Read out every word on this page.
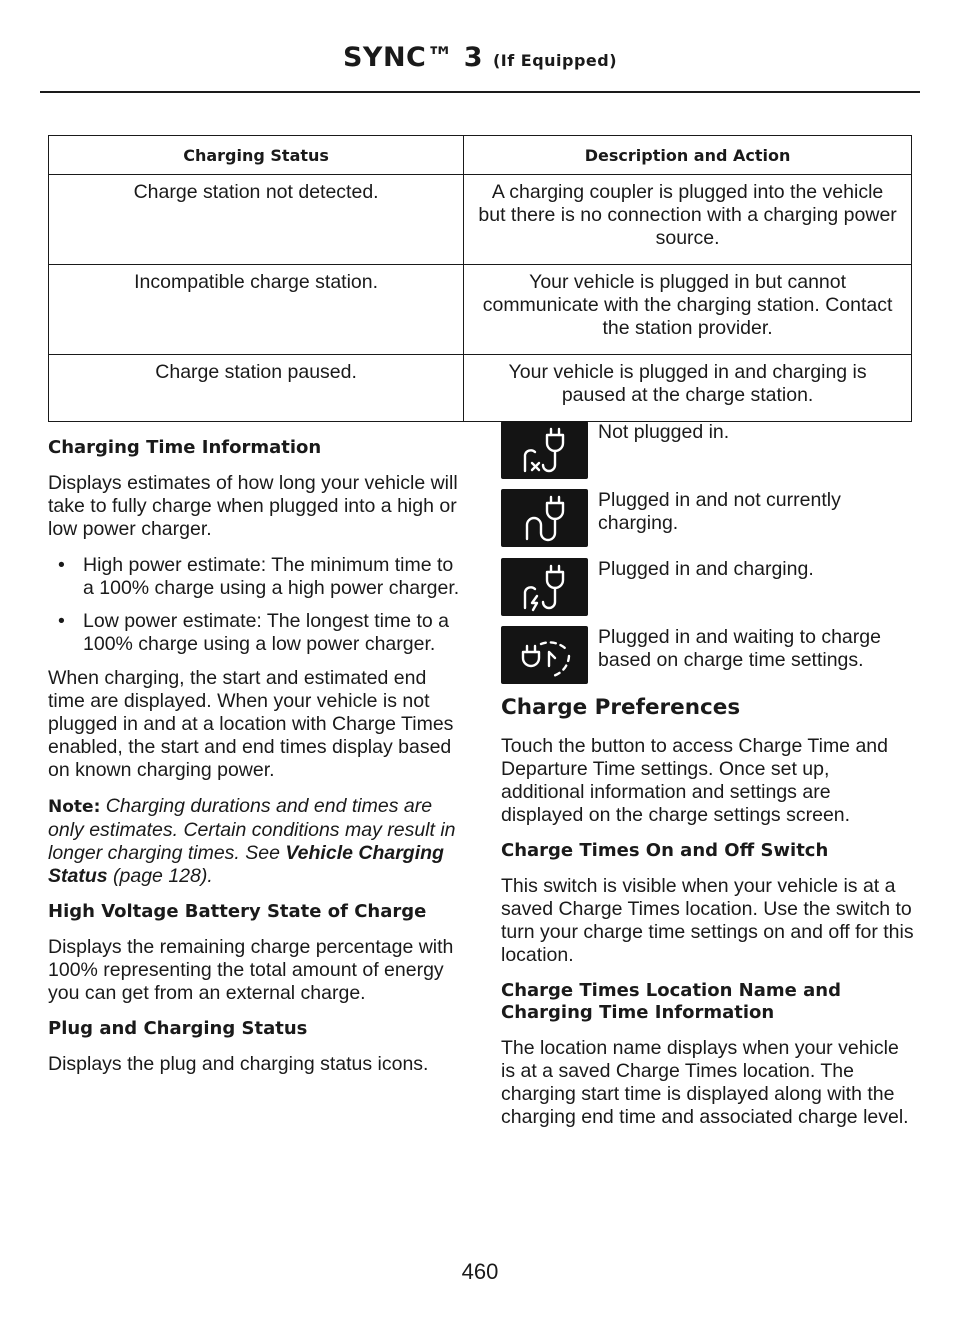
SYNC™ 3 (If Equipped)
Charging Status	Description and Action
Charge station not detected.	A charging coupler is plugged into the vehicle but there is no connection with a charging power source.
Incompatible charge station.	Your vehicle is plugged in but cannot communicate with the charging station. Contact the station provider.
Charge station paused.	Your vehicle is plugged in and charging is paused at the charge station.
Charging Time Information

Displays estimates of how long your vehicle will take to fully charge when plugged into a high or low power charger.

• High power estimate: The minimum time to a 100% charge using a high power charger.
• Low power estimate: The longest time to a 100% charge using a low power charger.

When charging, the start and estimated end time are displayed. When your vehicle is not plugged in and at a location with Charge Times enabled, the start and end times display based on known charging power.

Note: Charging durations and end times are only estimates. Certain conditions may result in longer charging times. See Vehicle Charging Status (page 128).

High Voltage Battery State of Charge

Displays the remaining charge percentage with 100% representing the total amount of energy you can get from an external charge.

Plug and Charging Status

Displays the plug and charging status icons.

Not plugged in.
Plugged in and not currently charging.
Plugged in and charging.
Plugged in and waiting to charge based on charge time settings.
Charge Preferences

Touch the button to access Charge Time and Departure Time settings. Once set up, additional information and settings are displayed on the charge settings screen.

Charge Times On and Off Switch

This switch is visible when your vehicle is at a saved Charge Times location. Use the switch to turn your charge time settings on and off for this location.

Charge Times Location Name and Charging Time Information

The location name displays when your vehicle is at a saved Charge Times location. The charging start time is displayed along with the charging end time and associated charge level.

460
